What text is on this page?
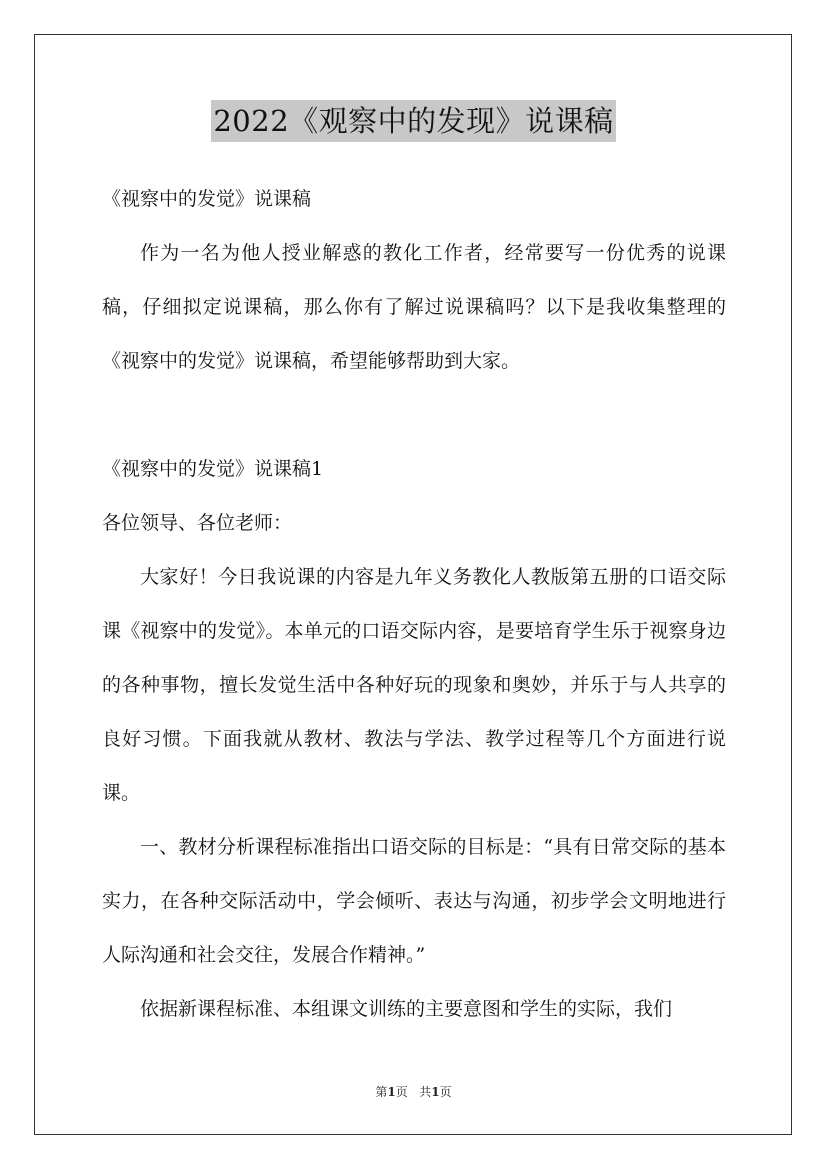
2022《观察中的发现》说课稿

《视察中的发觉》说课稿

作为一名为他人授业解惑的教化工作者，经常要写一份优秀的说课稿，仔细拟定说课稿，那么你有了解过说课稿吗？以下是我收集整理的《视察中的发觉》说课稿，希望能够帮助到大家。

《视察中的发觉》说课稿1

各位领导、各位老师：

大家好！今日我说课的内容是九年义务教化人教版第五册的口语交际课《视察中的发觉》。本单元的口语交际内容，是要培育学生乐于视察身边的各种事物，擅长发觉生活中各种好玩的现象和奥妙，并乐于与人共享的良好习惯。下面我就从教材、教法与学法、教学过程等几个方面进行说课。

一、教材分析课程标准指出口语交际的目标是：“具有日常交际的基本实力，在各种交际活动中，学会倾听、表达与沟通，初步学会文明地进行人际沟通和社会交往，发展合作精神。”

依据新课程标准、本组课文训练的主要意图和学生的实际，我们

第1页   共1页
